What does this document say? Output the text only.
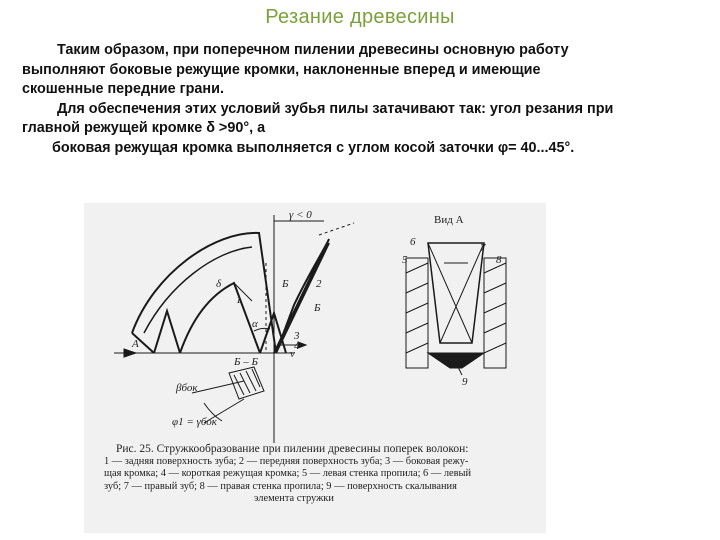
Резание древесины
Таким образом, при поперечном пилении древесины основную работу
выполняют боковые режущие кромки, наклоненные вперед и имеющие
скошенные передние грани.
Для обеспечения этих условий зубья пилы затачивают так: угол резания при
главной режущей кромке δ >90°, а
боковая режущая кромка выполняется с углом косой заточки φ= 40...45°.
γ < 0	Вид А
1
2
3
4
5
6	7
8
9
δ
α
v
А
Б
Б
Б – Б
βбок
φ1 = γбок
Рис. 25. Стружкообразование при пилении древесины поперек волокон:
1 — задняя поверхность зуба; 2 — передняя поверхность зуба; 3 — боковая режу-
щая кромка; 4 — короткая режущая кромка; 5 — левая стенка пропила; 6 — левый
зуб; 7 — правый зуб; 8 — правая стенка пропила; 9 — поверхность скалывания
элемента стружки
